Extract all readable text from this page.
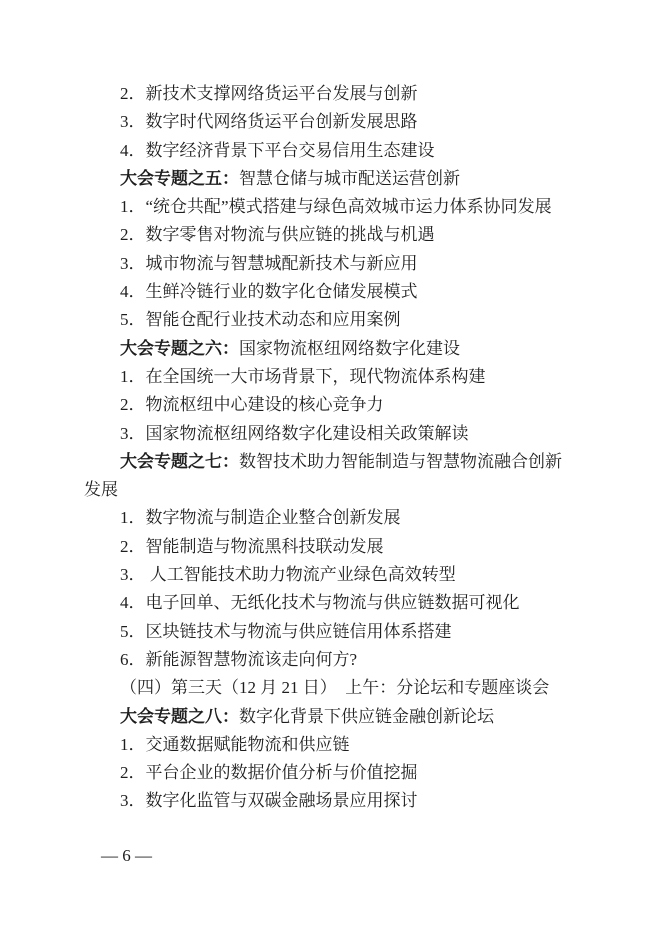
2．新技术支撑网络货运平台发展与创新
3．数字时代网络货运平台创新发展思路
4．数字经济背景下平台交易信用生态建设
大会专题之五：智慧仓储与城市配送运营创新
1．“统仓共配”模式搭建与绿色高效城市运力体系协同发展
2．数字零售对物流与供应链的挑战与机遇
3．城市物流与智慧城配新技术与新应用
4．生鲜冷链行业的数字化仓储发展模式
5．智能仓配行业技术动态和应用案例
大会专题之六：国家物流枢纽网络数字化建设
1．在全国统一大市场背景下，现代物流体系构建
2．物流枢纽中心建设的核心竞争力
3．国家物流枢纽网络数字化建设相关政策解读
大会专题之七：数智技术助力智能制造与智慧物流融合创新
发展
1．数字物流与制造企业整合创新发展
2．智能制造与物流黑科技联动发展
3． 人工智能技术助力物流产业绿色高效转型
4．电子回单、无纸化技术与物流与供应链数据可视化
5．区块链技术与物流与供应链信用体系搭建
6．新能源智慧物流该走向何方?
（四）第三天（12 月 21 日）　上午：分论坛和专题座谈会
大会专题之八：数字化背景下供应链金融创新论坛
1．交通数据赋能物流和供应链
2．平台企业的数据价值分析与价值挖掘
3．数字化监管与双碳金融场景应用探讨

— 6 —
